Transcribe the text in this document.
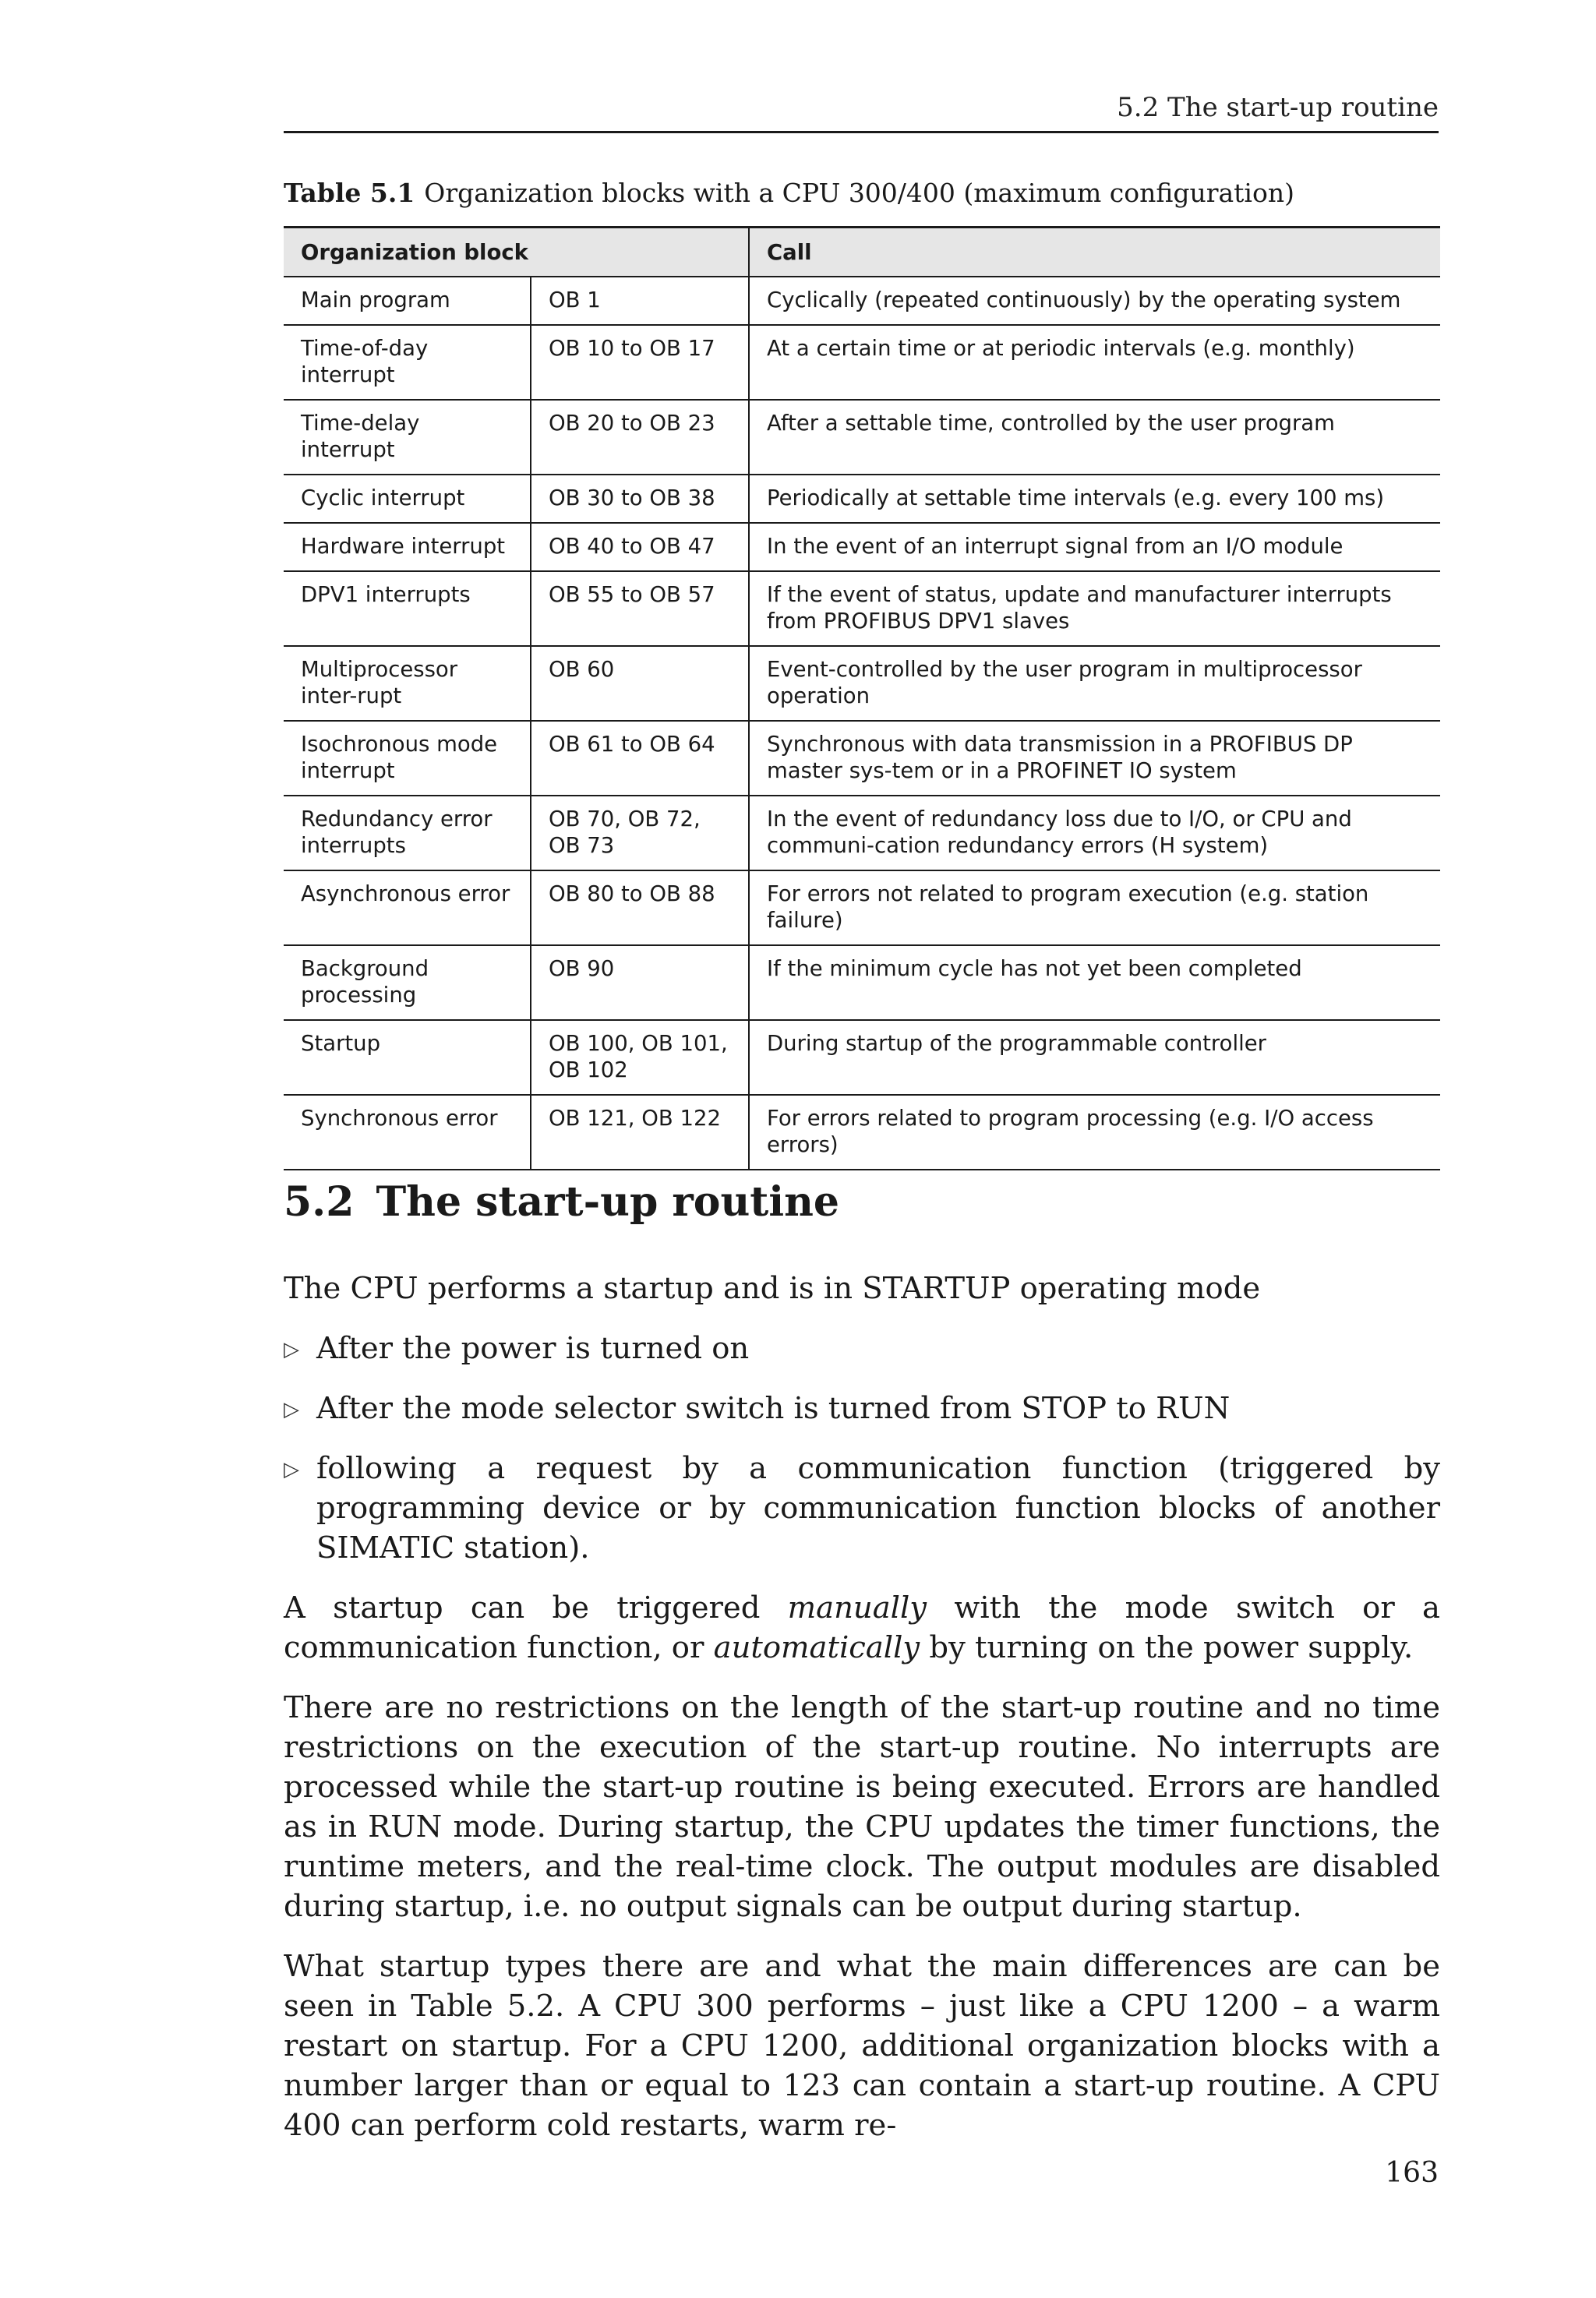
5.2 The start-up routine
Table 5.1 Organization blocks with a CPU 300/400 (maximum configuration)
Organization block		Call
Main program	OB 1	Cyclically (repeated continuously) by the operating system
Time-of-day interrupt	OB 10 to OB 17	At a certain time or at periodic intervals (e.g. monthly)
Time-delay interrupt	OB 20 to OB 23	After a settable time, controlled by the user program
Cyclic interrupt	OB 30 to OB 38	Periodically at settable time intervals (e.g. every 100 ms)
Hardware interrupt	OB 40 to OB 47	In the event of an interrupt signal from an I/O module
DPV1 interrupts	OB 55 to OB 57	If the event of status, update and manufacturer interrupts from PROFIBUS DPV1 slaves
Multiprocessor inter-rupt	OB 60	Event-controlled by the user program in multiprocessor operation
Isochronous mode interrupt	OB 61 to OB 64	Synchronous with data transmission in a PROFIBUS DP master sys-tem or in a PROFINET IO system
Redundancy error interrupts	OB 70, OB 72, OB 73	In the event of redundancy loss due to I/O, or CPU and communi-cation redundancy errors (H system)
Asynchronous error	OB 80 to OB 88	For errors not related to program execution (e.g. station failure)
Background processing	OB 90	If the minimum cycle has not yet been completed
Startup	OB 100, OB 101, OB 102	During startup of the programmable controller
Synchronous error	OB 121, OB 122	For errors related to program processing (e.g. I/O access errors)
5.2 The start-up routine

The CPU performs a startup and is in STARTUP operating mode

▷ After the power is turned on
▷ After the mode selector switch is turned from STOP to RUN
▷ following a request by a communication function (triggered by programming device or by communication function blocks of another SIMATIC station).

A startup can be triggered manually with the mode switch or a communication function, or automatically by turning on the power supply.

There are no restrictions on the length of the start-up routine and no time restrictions on the execution of the start-up routine. No interrupts are processed while the start-up routine is being executed. Errors are handled as in RUN mode. During startup, the CPU updates the timer functions, the runtime meters, and the real-time clock. The output modules are disabled during startup, i.e. no output signals can be output during startup.

What startup types there are and what the main differences are can be seen in Table 5.2. A CPU 300 performs – just like a CPU 1200 – a warm restart on startup. For a CPU 1200, additional organization blocks with a number larger than or equal to 123 can contain a start-up routine. A CPU 400 can perform cold restarts, warm re-

163
